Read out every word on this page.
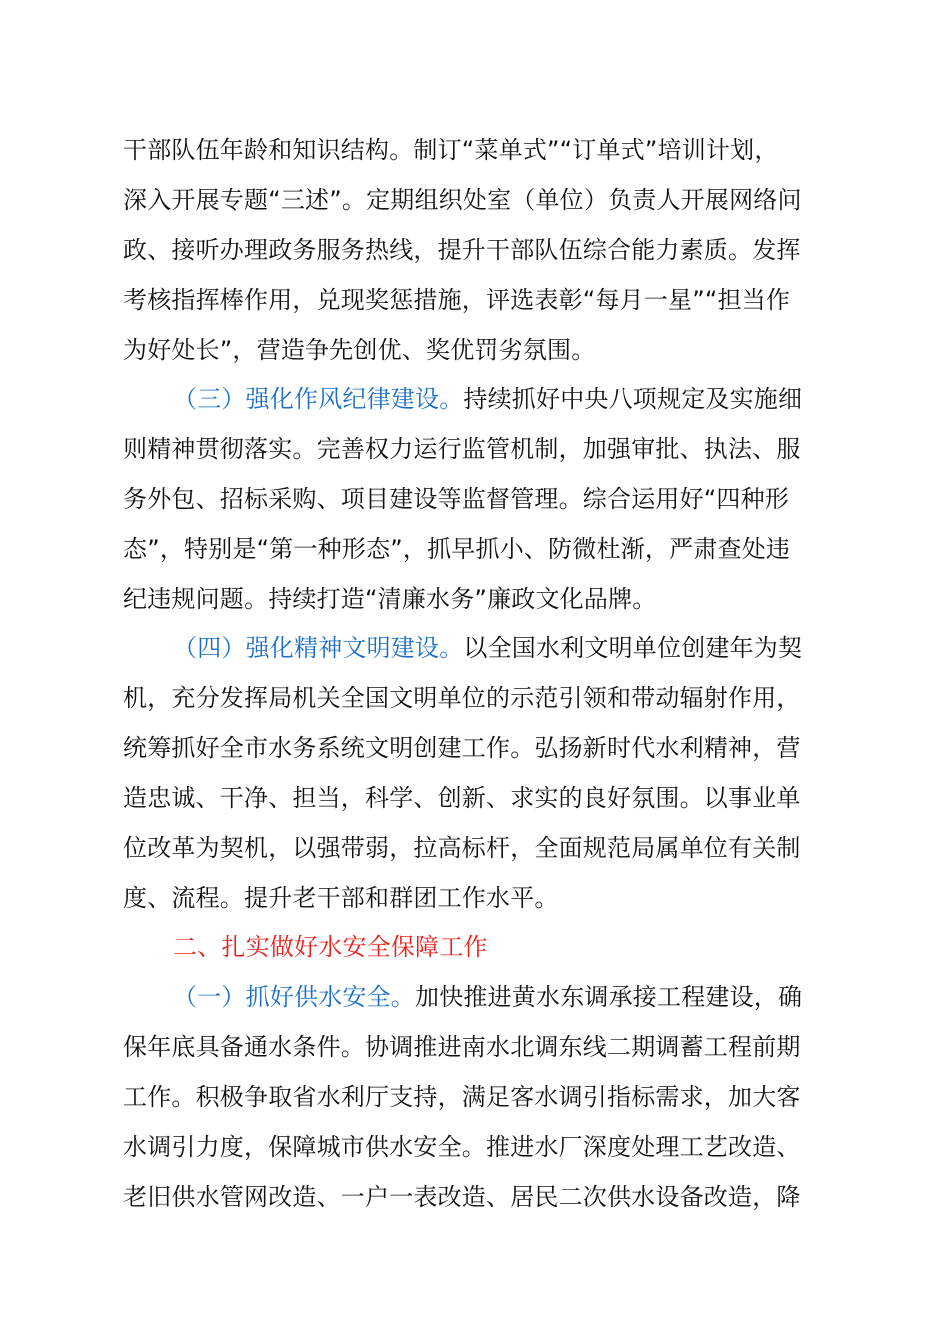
干部队伍年龄和知识结构。制订“菜单式”“订单式”培训计划，
深入开展专题“三述”。定期组织处室（单位）负责人开展网络问
政、接听办理政务服务热线，提升干部队伍综合能力素质。发挥
考核指挥棒作用，兑现奖惩措施，评选表彰“每月一星”“担当作
为好处长”，营造争先创优、奖优罚劣氛围。
（三）强化作风纪律建设。持续抓好中央八项规定及实施细
则精神贯彻落实。完善权力运行监管机制，加强审批、执法、服
务外包、招标采购、项目建设等监督管理。综合运用好“四种形
态”，特别是“第一种形态”，抓早抓小、防微杜渐，严肃查处违
纪违规问题。持续打造“清廉水务”廉政文化品牌。
（四）强化精神文明建设。以全国水利文明单位创建年为契
机，充分发挥局机关全国文明单位的示范引领和带动辐射作用，
统筹抓好全市水务系统文明创建工作。弘扬新时代水利精神，营
造忠诚、干净、担当，科学、创新、求实的良好氛围。以事业单
位改革为契机，以强带弱，拉高标杆，全面规范局属单位有关制
度、流程。提升老干部和群团工作水平。
二、扎实做好水安全保障工作
（一）抓好供水安全。加快推进黄水东调承接工程建设，确
保年底具备通水条件。协调推进南水北调东线二期调蓄工程前期
工作。积极争取省水利厅支持，满足客水调引指标需求，加大客
水调引力度，保障城市供水安全。推进水厂深度处理工艺改造、
老旧供水管网改造、一户一表改造、居民二次供水设备改造，降
